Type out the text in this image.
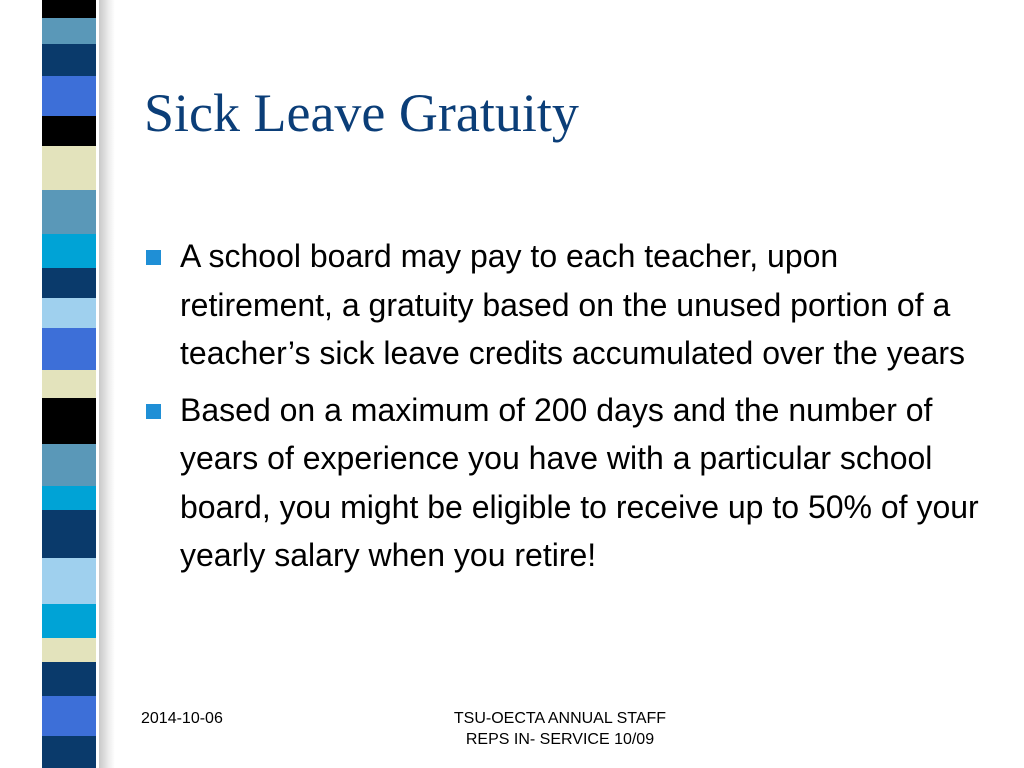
Sick Leave Gratuity
A school board may pay to each teacher, upon retirement, a gratuity based on the unused portion of a teacher’s sick leave credits accumulated over the years
Based on a maximum of 200 days and the number of years of experience you have with a particular school board, you might be eligible to receive up to 50% of your yearly salary when you retire!
2014-10-06	TSU-OECTA ANNUAL STAFF
REPS IN- SERVICE 10/09
